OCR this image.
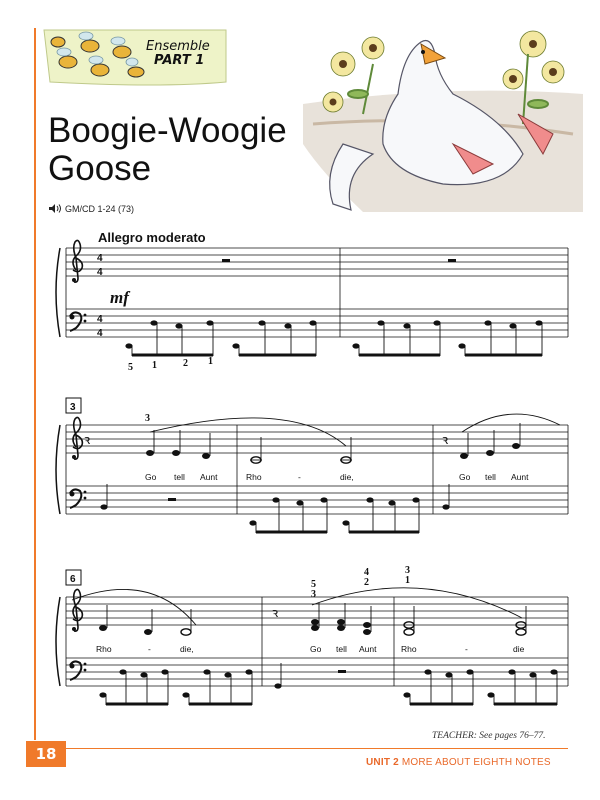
Ensemble
PART 1
Boogie-Woogie
Goose
GM/CD 1-24 (73)
Allegro moderato
4
4
4
4
mf
5 1	2 1
3
3
ꝛ	ꝛ
Go tell Aunt	Rho	-	die,	Go tell Aunt
6	5
3
4
2
3
1
ꝛ
Rho	-	die,	Go tell Aunt	Rho	-	die
TEACHER: See pages 76–77.
18	UNIT 2 MORE ABOUT EIGHTH NOTES
